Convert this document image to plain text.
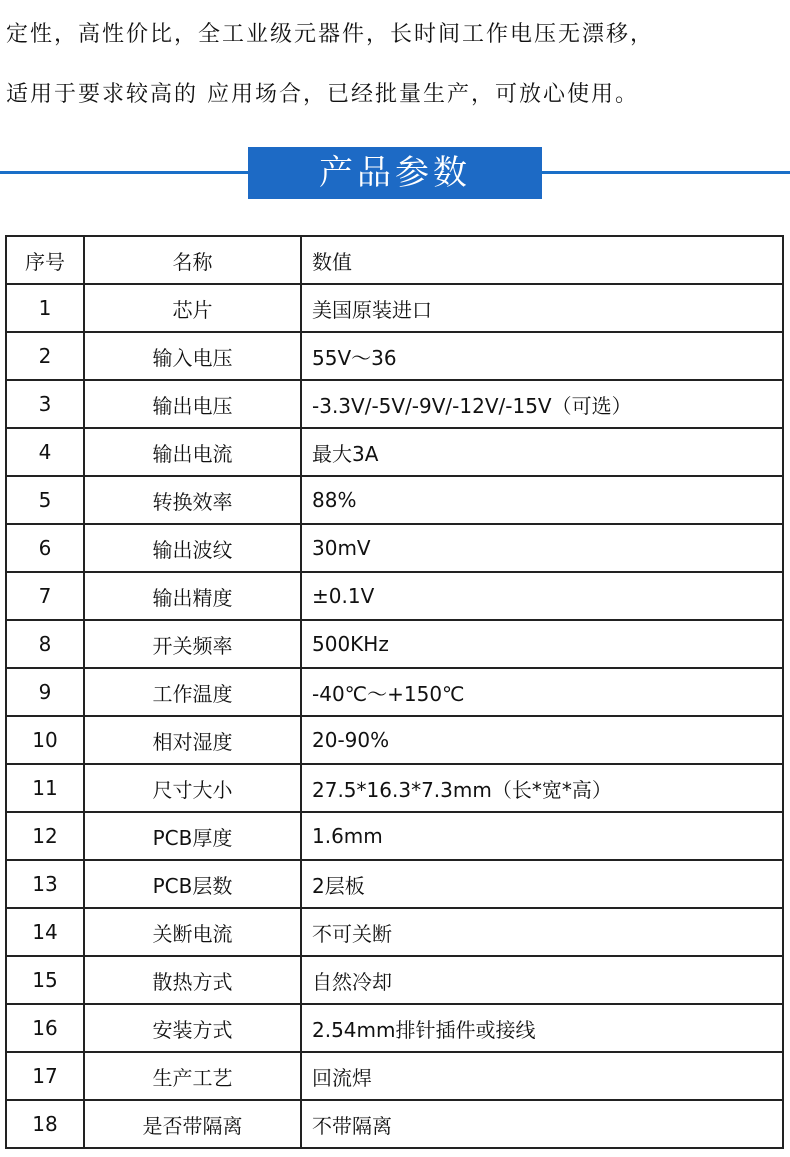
定性，高性价比，全工业级元器件，长时间工作电压无漂移，
适用于要求较高的 应用场合，已经批量生产，可放心使用。
产品参数
序号	名称	数值
1	芯片	美国原装进口
2	输入电压	55V～36
3	输出电压	-3.3V/-5V/-9V/-12V/-15V（可选）
4	输出电流	最大3A
5	转换效率	88%
6	输出波纹	30mV
7	输出精度	±0.1V
8	开关频率	500KHz
9	工作温度	-40℃～+150℃
10	相对湿度	20-90%
11	尺寸大小	27.5*16.3*7.3mm（长*宽*高）
12	PCB厚度	1.6mm
13	PCB层数	2层板
14	关断电流	不可关断
15	散热方式	自然冷却
16	安装方式	2.54mm排针插件或接线
17	生产工艺	回流焊
18	是否带隔离	不带隔离
